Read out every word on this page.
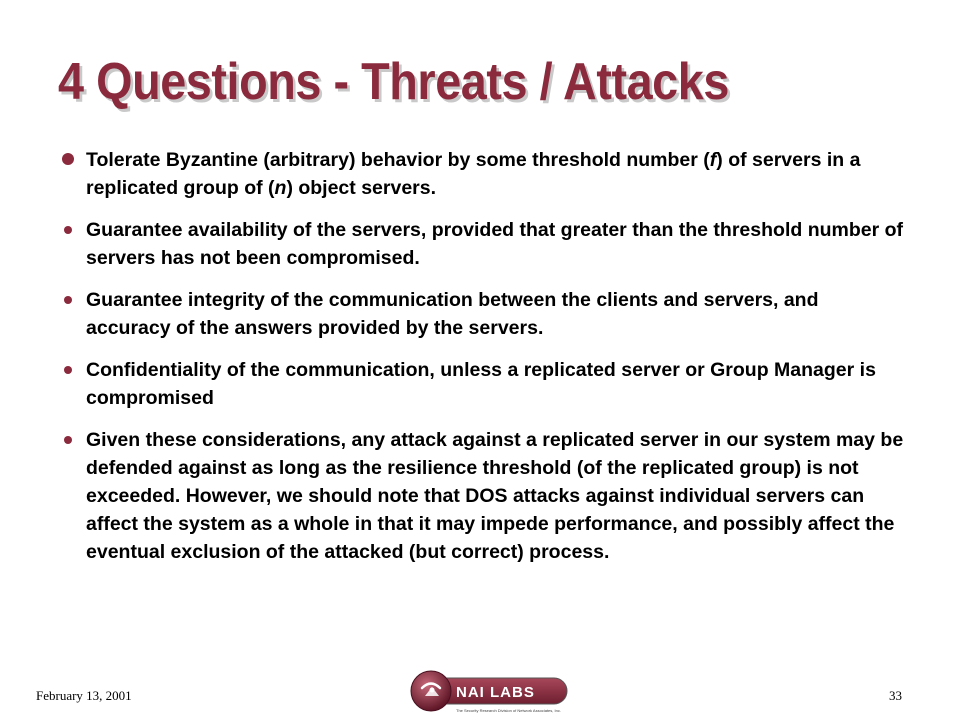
4 Questions - Threats / Attacks
Tolerate Byzantine (arbitrary) behavior by some threshold number (f) of servers in a replicated group of (n) object servers.
Guarantee availability of the servers, provided that greater than the threshold number of servers has not been compromised.
Guarantee integrity of the communication between the clients and servers, and accuracy of the answers provided by the servers.
Confidentiality of the communication, unless a replicated server or Group Manager is compromised
Given these considerations, any attack against a replicated server in our system may be defended against as long as the resilience threshold (of the replicated group) is not exceeded. However, we should note that DOS attacks against individual servers can affect the system as a whole in that it may impede performance, and possibly affect the eventual exclusion of the attacked (but correct) process.
February 13, 2001	NAI LABS
The Security Research Division of Network Associates, Inc.
33
